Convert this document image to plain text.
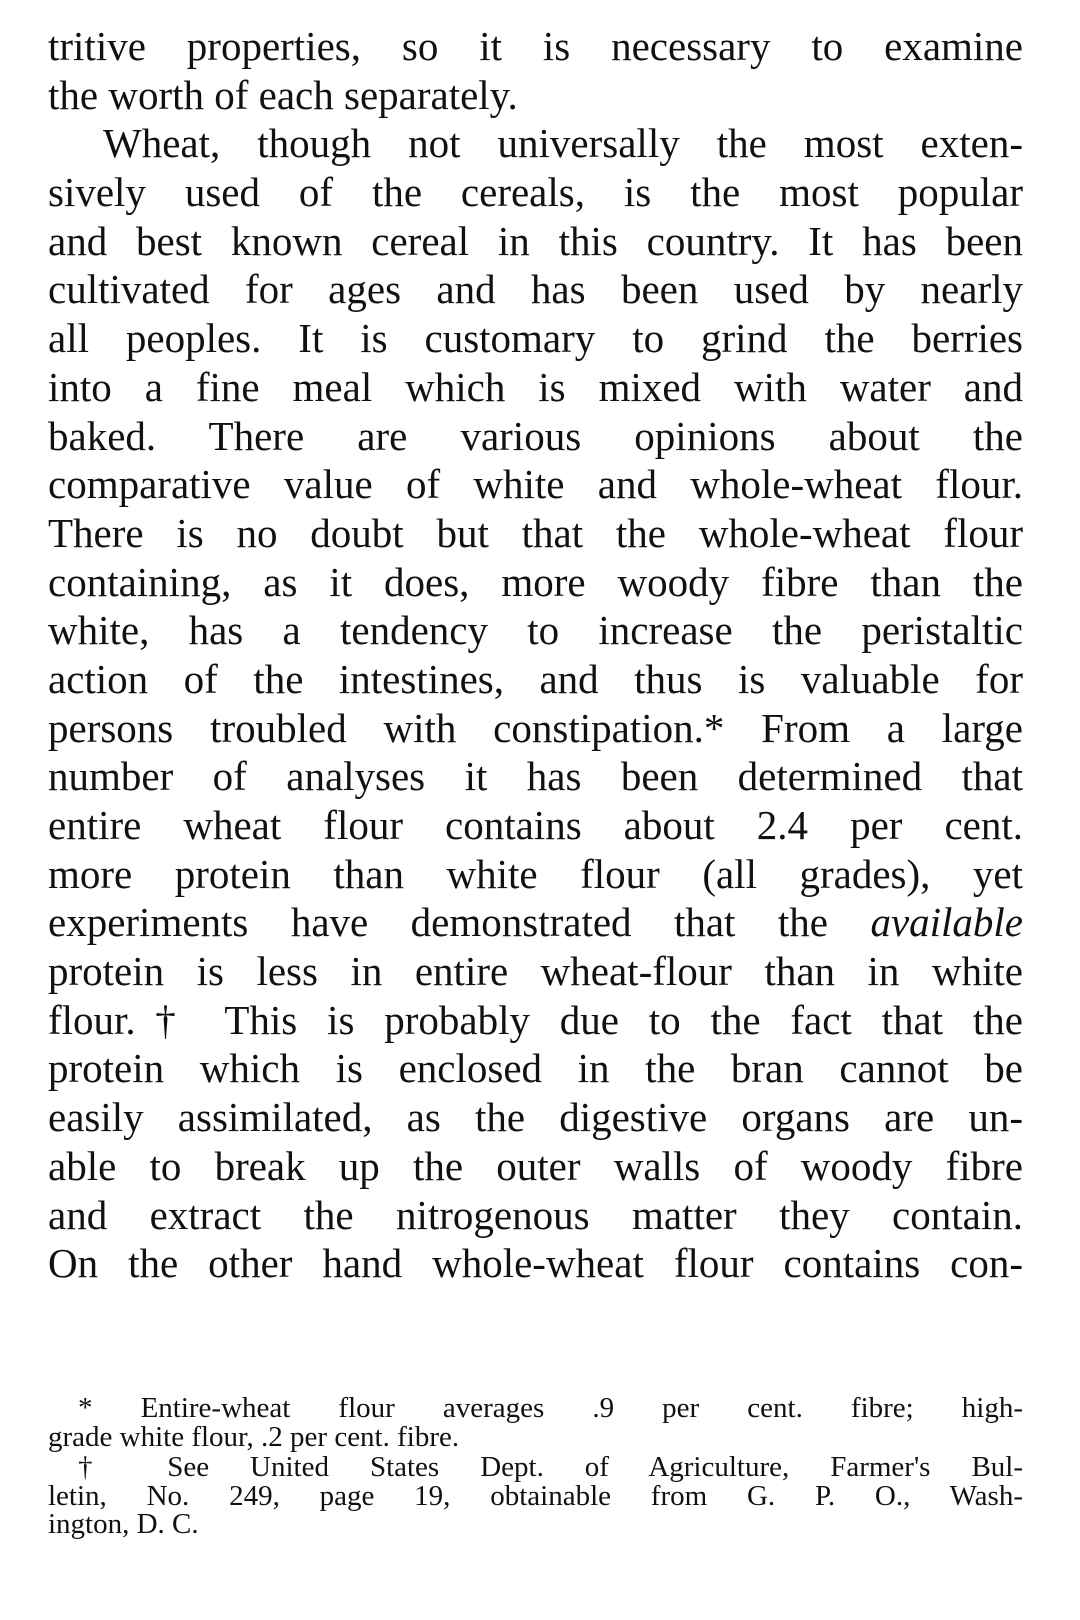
tritive properties, so it is necessary to examine
the worth of each separately.
Wheat, though not universally the most exten-
sively used of the cereals, is the most popular
and best known cereal in this country. It has been
cultivated for ages and has been used by nearly
all peoples. It is customary to grind the berries
into a fine meal which is mixed with water and
baked. There are various opinions about the
comparative value of white and whole-wheat flour.
There is no doubt but that the whole-wheat flour
containing, as it does, more woody fibre than the
white, has a tendency to increase the peristaltic
action of the intestines, and thus is valuable for
persons troubled with constipation.* From a large
number of analyses it has been determined that
entire wheat flour contains about 2.4 per cent.
more protein than white flour (all grades), yet
experiments have demonstrated that the available
protein is less in entire wheat-flour than in white
flour.† This is probably due to the fact that the
protein which is enclosed in the bran cannot be
easily assimilated, as the digestive organs are un-
able to break up the outer walls of woody fibre
and extract the nitrogenous matter they contain.
On the other hand whole-wheat flour contains con-
* Entire-wheat flour averages .9 per cent. fibre; high-
grade white flour, .2 per cent. fibre.
† See United States Dept. of Agriculture, Farmer's Bul-
letin, No. 249, page 19, obtainable from G. P. O., Wash-
ington, D. C.
